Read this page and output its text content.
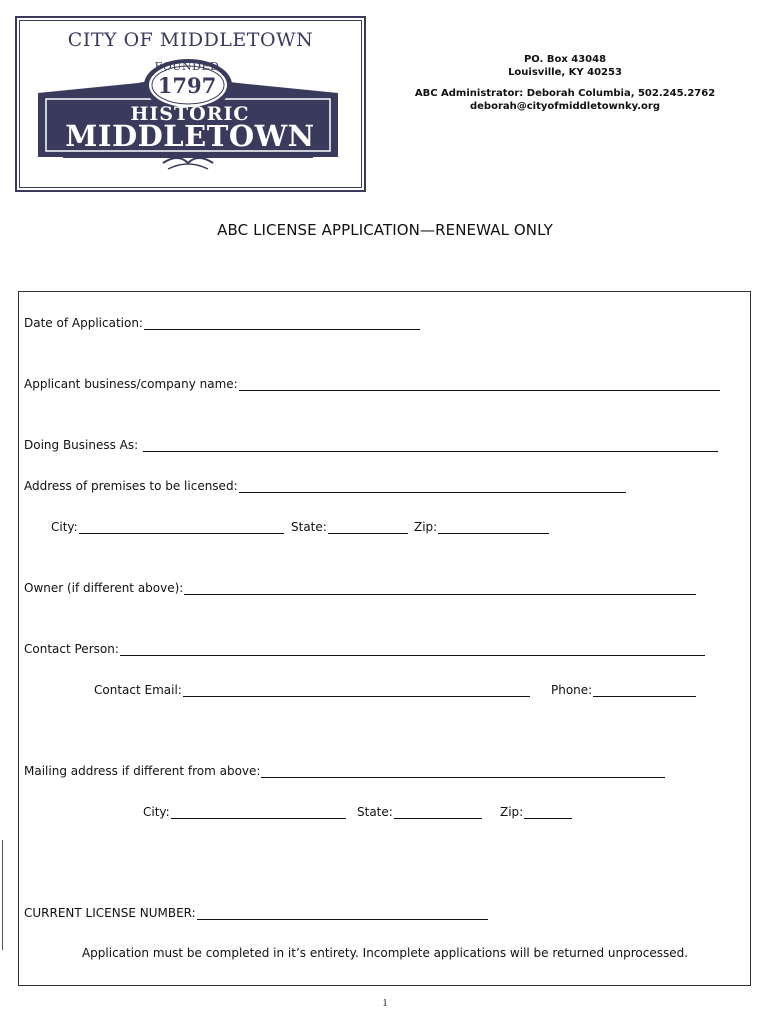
CITY OF MIDDLETOWN
FOUNDED
1797
HISTORIC
MIDDLETOWN
PO. Box 43048
Louisville, KY 40253
ABC Administrator: Deborah Columbia, 502.245.2762
deborah@cityofmiddletownky.org
ABC LICENSE APPLICATION—RENEWAL ONLY
Date of Application:
Applicant business/company name:
Doing Business As:
Address of premises to be licensed:
City:	State:	Zip:
Owner (if different above):
Contact Person:
Contact Email:	Phone:
Mailing address if different from above:
City:	State:	Zip:
CURRENT LICENSE NUMBER:
Application must be completed in it’s entirety. Incomplete applications will be returned unprocessed.
1
